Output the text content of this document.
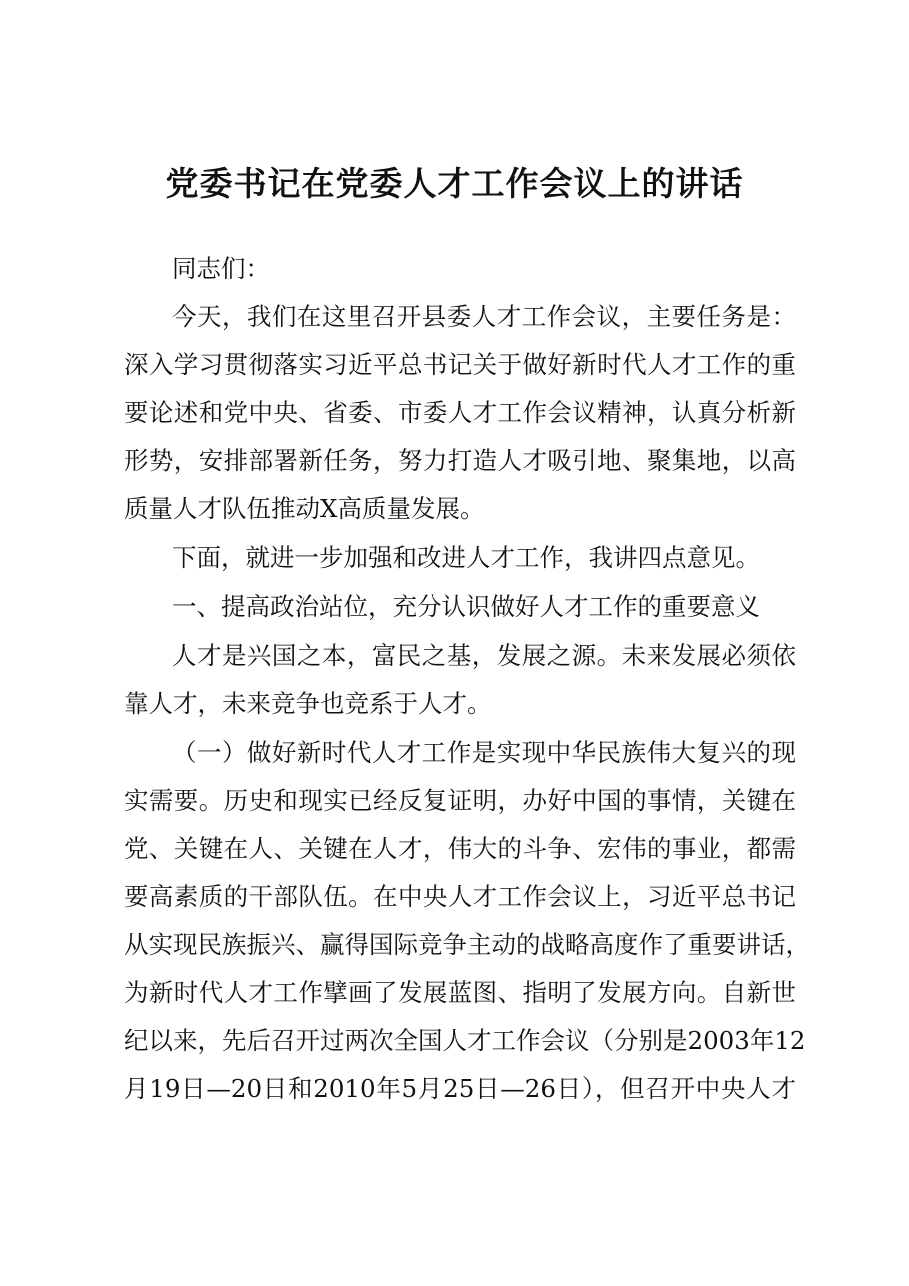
党委书记在党委人才工作会议上的讲话
同志们：
今天，我们在这里召开县委人才工作会议，主要任务是：
深入学习贯彻落实习近平总书记关于做好新时代人才工作的重
要论述和党中央、省委、市委人才工作会议精神，认真分析新
形势，安排部署新任务，努力打造人才吸引地、聚集地，以高
质量人才队伍推动X高质量发展。
下面，就进一步加强和改进人才工作，我讲四点意见。
一、提高政治站位，充分认识做好人才工作的重要意义
人才是兴国之本，富民之基，发展之源。未来发展必须依
靠人才，未来竞争也竞系于人才。
（一）做好新时代人才工作是实现中华民族伟大复兴的现
实需要。历史和现实已经反复证明，办好中国的事情，关键在
党、关键在人、关键在人才，伟大的斗争、宏伟的事业，都需
要高素质的干部队伍。在中央人才工作会议上，习近平总书记
从实现民族振兴、赢得国际竞争主动的战略高度作了重要讲话，
为新时代人才工作擘画了发展蓝图、指明了发展方向。自新世
纪以来，先后召开过两次全国人才工作会议（分别是2003年12
月19日—20日和2010年5月25日—26日），但召开中央人才
